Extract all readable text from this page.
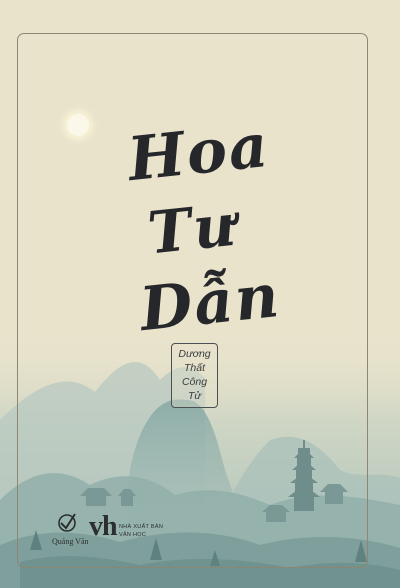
Hoa
Tư
Dẫn
Dương
Thất
Công
Tử
Quảng Văn vh NHÀ XUẤT BẢN
VĂN HỌC
